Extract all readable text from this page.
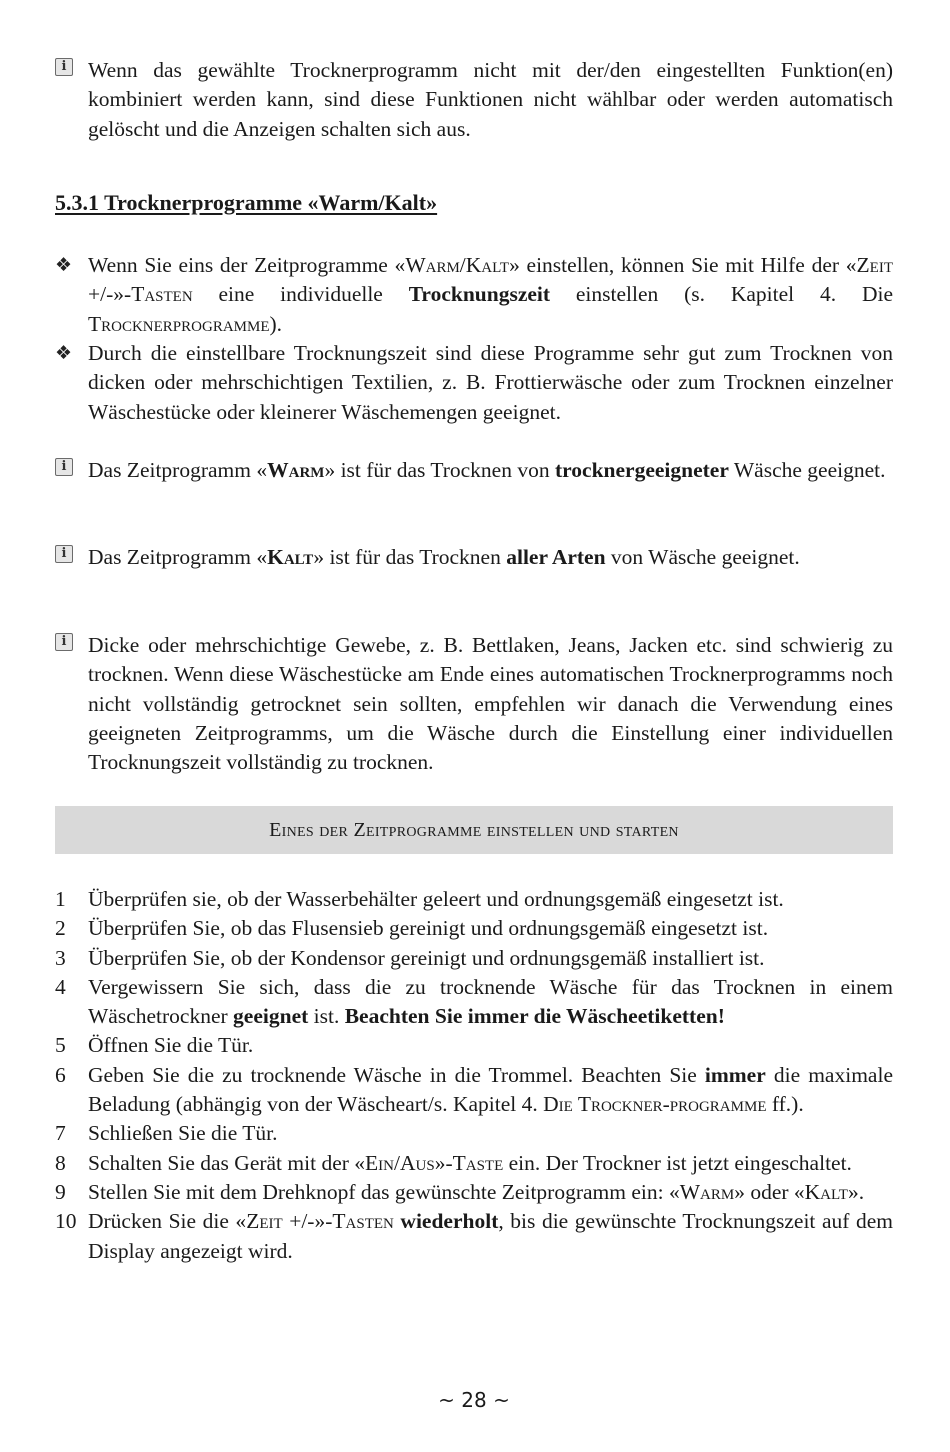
i	Wenn das gewählte Trocknerprogramm nicht mit der/den eingestellten Funktion(en) kombiniert werden kann, sind diese Funktionen nicht wählbar oder werden automatisch gelöscht und die Anzeigen schalten sich aus.
5.3.1 Trocknerprogramme «Warm/Kalt»
❖ Wenn Sie eins der Zeitprogramme «Warm/Kalt» einstellen, können Sie mit Hilfe der «Zeit +/-»-Tasten eine individuelle Trocknungszeit einstellen (s. Kapitel 4. Die Trocknerprogramme).
❖ Durch die einstellbare Trocknungszeit sind diese Programme sehr gut zum Trocknen von dicken oder mehrschichtigen Textilien, z. B. Frottierwäsche oder zum Trocknen einzelner Wäschestücke oder kleinerer Wäschemengen geeignet.
i	Das Zeitprogramm «Warm» ist für das Trocknen von trocknergeeigneter Wäsche geeignet.
i	Das Zeitprogramm «Kalt» ist für das Trocknen aller Arten von Wäsche geeignet.
i	Dicke oder mehrschichtige Gewebe, z. B. Bettlaken, Jeans, Jacken etc. sind schwierig zu trocknen. Wenn diese Wäschestücke am Ende eines automatischen Trocknerprogramms noch nicht vollständig getrocknet sein sollten, empfehlen wir danach die Verwendung eines geeigneten Zeitprogramms, um die Wäsche durch die Einstellung einer individuellen Trocknungszeit vollständig zu trocknen.
Eines der Zeitprogramme einstellen und starten
1	Überprüfen sie, ob der Wasserbehälter geleert und ordnungsgemäß eingesetzt ist.
2	Überprüfen Sie, ob das Flusensieb gereinigt und ordnungsgemäß eingesetzt ist.
3	Überprüfen Sie, ob der Kondensor gereinigt und ordnungsgemäß installiert ist.
4	Vergewissern Sie sich, dass die zu trocknende Wäsche für das Trocknen in einem Wäschetrockner geeignet ist. Beachten Sie immer die Wäscheetiketten!
5	Öffnen Sie die Tür.
6	Geben Sie die zu trocknende Wäsche in die Trommel. Beachten Sie immer die maximale Beladung (abhängig von der Wäscheart/s. Kapitel 4. Die Trockner-programme ff.).
7	Schließen Sie die Tür.
8	Schalten Sie das Gerät mit der «Ein/Aus»-Taste ein. Der Trockner ist jetzt eingeschaltet.
9	Stellen Sie mit dem Drehknopf das gewünschte Zeitprogramm ein: «Warm» oder «Kalt».
10 Drücken Sie die «Zeit +/-»-Tasten wiederholt, bis die gewünschte Trocknungszeit auf dem Display angezeigt wird.
~ 28 ~
